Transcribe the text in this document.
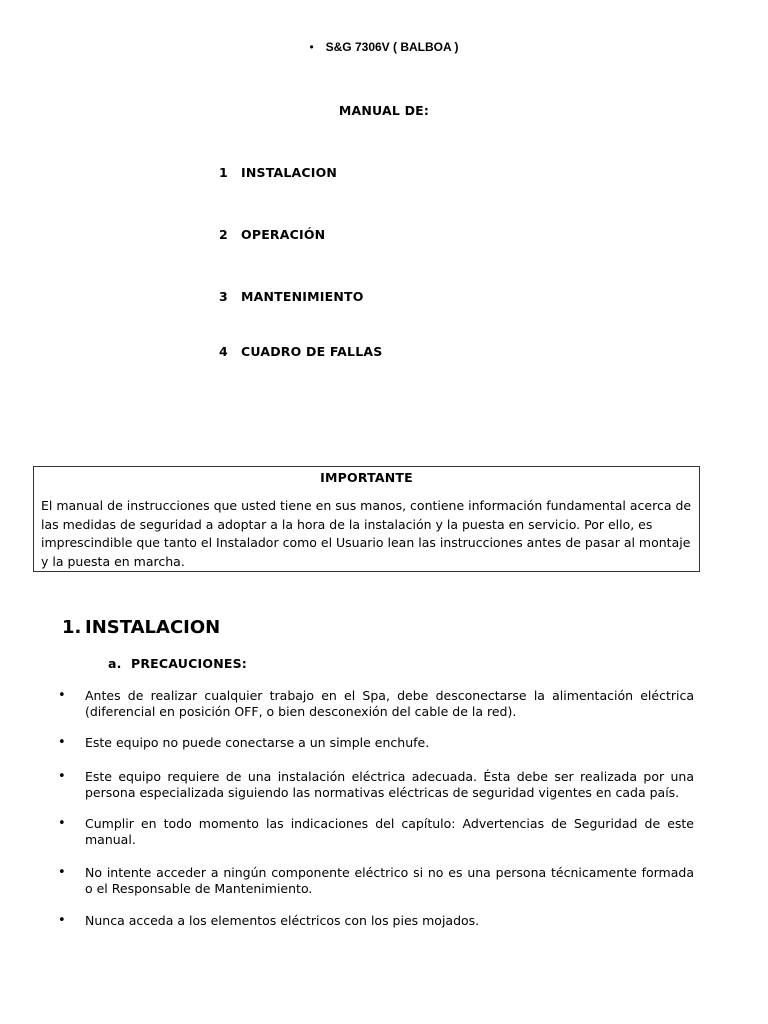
• S&G 7306V ( BALBOA )
MANUAL DE:
1 INSTALACION
2 OPERACIÓN
3 MANTENIMIENTO
4 CUADRO DE FALLAS
IMPORTANTE
El manual de instrucciones que usted tiene en sus manos, contiene información fundamental acerca de las medidas de seguridad a adoptar a la hora de la instalación y la puesta en servicio. Por ello, es imprescindible que tanto el Instalador como el Usuario lean las instrucciones antes de pasar al montaje y la puesta en marcha.
1. INSTALACION
a. PRECAUCIONES:
• Antes de realizar cualquier trabajo en el Spa, debe desconectarse la alimentación eléctrica (diferencial en posición OFF, o bien desconexión del cable de la red).
• Este equipo no puede conectarse a un simple enchufe.
• Este equipo requiere de una instalación eléctrica adecuada. Ésta debe ser realizada por una persona especializada siguiendo las normativas eléctricas de seguridad vigentes en cada país.
• Cumplir en todo momento las indicaciones del capítulo: Advertencias de Seguridad de este manual.
• No intente acceder a ningún componente eléctrico si no es una persona técnicamente formada o el Responsable de Mantenimiento.
• Nunca acceda a los elementos eléctricos con los pies mojados.
